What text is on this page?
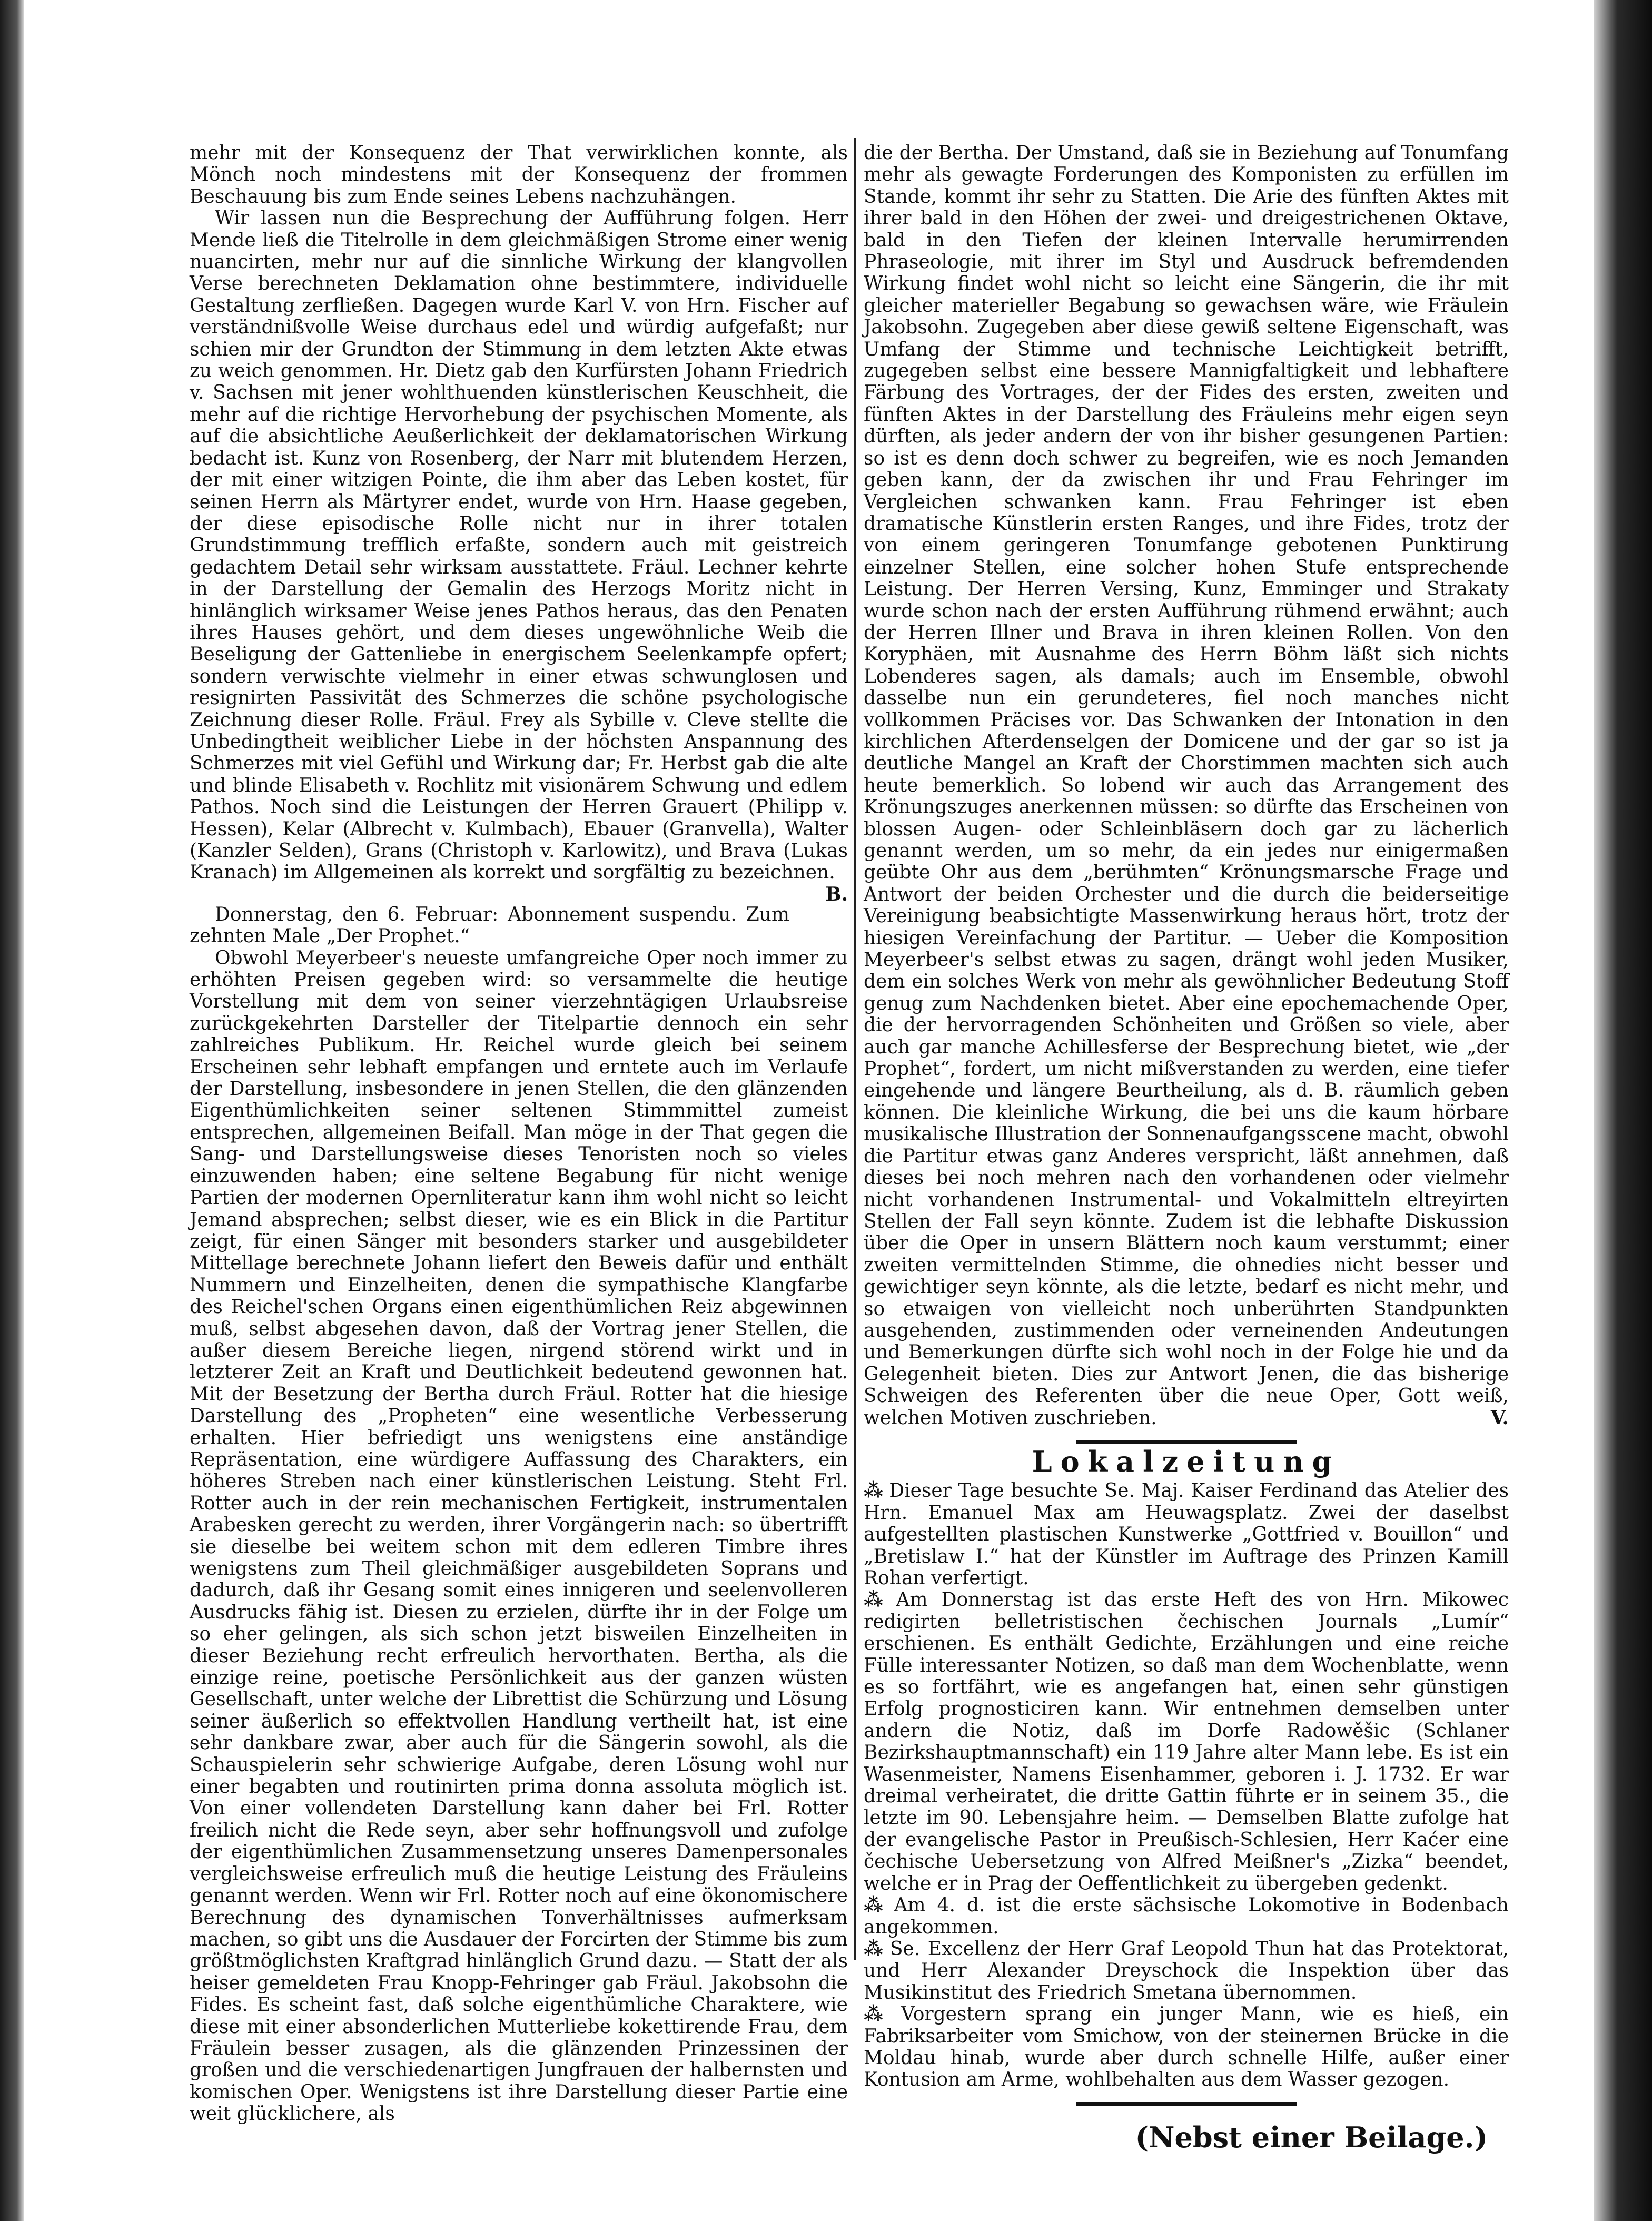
mehr mit der Konsequenz der That verwirklichen konnte, als Mönch noch mindestens mit der Konsequenz der frommen Beschauung bis zum Ende seines Lebens nachzuhängen.

Wir lassen nun die Besprechung der Aufführung folgen. Herr Mende ließ die Titelrolle in dem gleichmäßigen Strome einer wenig nuancirten, mehr nur auf die sinnliche Wirkung der klangvollen Verse berechneten Deklamation ohne bestimmtere, individuelle Gestaltung zerfließen. Dagegen wurde Karl V. von Hrn. Fischer auf verständnißvolle Weise durchaus edel und würdig aufgefaßt; nur schien mir der Grundton der Stimmung in dem letzten Akte etwas zu weich genommen. Hr. Dietz gab den Kurfürsten Johann Friedrich v. Sachsen mit jener wohlthuenden künstlerischen Keuschheit, die mehr auf die richtige Hervorhebung der psychischen Momente, als auf die absichtliche Aeußerlichkeit der deklamatorischen Wirkung bedacht ist. Kunz von Rosenberg, der Narr mit blutendem Herzen, der mit einer witzigen Pointe, die ihm aber das Leben kostet, für seinen Herrn als Märtyrer endet, wurde von Hrn. Haase gegeben, der diese episodische Rolle nicht nur in ihrer totalen Grundstimmung trefflich erfaßte, sondern auch mit geistreich gedachtem Detail sehr wirksam ausstattete. Fräul. Lechner kehrte in der Darstellung der Gemalin des Herzogs Moritz nicht in hinlänglich wirksamer Weise jenes Pathos heraus, das den Penaten ihres Hauses gehört, und dem dieses ungewöhnliche Weib die Beseligung der Gattenliebe in energischem Seelenkampfe opfert; sondern verwischte vielmehr in einer etwas schwunglosen und resignirten Passivität des Schmerzes die schöne psychologische Zeichnung dieser Rolle. Fräul. Frey als Sybille v. Cleve stellte die Unbedingtheit weiblicher Liebe in der höchsten Anspannung des Schmerzes mit viel Gefühl und Wirkung dar; Fr. Herbst gab die alte und blinde Elisabeth v. Rochlitz mit visionärem Schwung und edlem Pathos. Noch sind die Leistungen der Herren Grauert (Philipp v. Hessen), Kelar (Albrecht v. Kulmbach), Ebauer (Granvella), Walter (Kanzler Selden), Grans (Christoph v. Karlowitz), und Brava (Lukas Kranach) im Allgemeinen als korrekt und sorgfältig zu bezeichnen.
B.

Donnerstag, den 6. Februar: Abonnement suspendu. Zum zehnten Male „Der Prophet.“

Obwohl Meyerbeer's neueste umfangreiche Oper noch immer zu erhöhten Preisen gegeben wird: so versammelte die heutige Vorstellung mit dem von seiner vierzehntägigen Urlaubsreise zurückgekehrten Darsteller der Titelpartie dennoch ein sehr zahlreiches Publikum. Hr. Reichel wurde gleich bei seinem Erscheinen sehr lebhaft empfangen und erntete auch im Verlaufe der Darstellung, insbesondere in jenen Stellen, die den glänzenden Eigenthümlichkeiten seiner seltenen Stimmmittel zumeist entsprechen, allgemeinen Beifall. Man möge in der That gegen die Sang- und Darstellungsweise dieses Tenoristen noch so vieles einzuwenden haben; eine seltene Begabung für nicht wenige Partien der modernen Opernliteratur kann ihm wohl nicht so leicht Jemand absprechen; selbst dieser, wie es ein Blick in die Partitur zeigt, für einen Sänger mit besonders starker und ausgebildeter Mittellage berechnete Johann liefert den Beweis dafür und enthält Nummern und Einzelheiten, denen die sympathische Klangfarbe des Reichel'schen Organs einen eigenthümlichen Reiz abgewinnen muß, selbst abgesehen davon, daß der Vortrag jener Stellen, die außer diesem Bereiche liegen, nirgend störend wirkt und in letzterer Zeit an Kraft und Deutlichkeit bedeutend gewonnen hat. Mit der Besetzung der Bertha durch Fräul. Rotter hat die hiesige Darstellung des „Propheten“ eine wesentliche Verbesserung erhalten. Hier befriedigt uns wenigstens eine anständige Repräsentation, eine würdigere Auffassung des Charakters, ein höheres Streben nach einer künstlerischen Leistung. Steht Frl. Rotter auch in der rein mechanischen Fertigkeit, instrumentalen Arabesken gerecht zu werden, ihrer Vorgängerin nach: so übertrifft sie dieselbe bei weitem schon mit dem edleren Timbre ihres wenigstens zum Theil gleichmäßiger ausgebildeten Soprans und dadurch, daß ihr Gesang somit eines innigeren und seelenvolleren Ausdrucks fähig ist. Diesen zu erzielen, dürfte ihr in der Folge um so eher gelingen, als sich schon jetzt bisweilen Einzelheiten in dieser Beziehung recht erfreulich hervorthaten. Bertha, als die einzige reine, poetische Persönlichkeit aus der ganzen wüsten Gesellschaft, unter welche der Librettist die Schürzung und Lösung seiner äußerlich so effektvollen Handlung vertheilt hat, ist eine sehr dankbare zwar, aber auch für die Sängerin sowohl, als die Schauspielerin sehr schwierige Aufgabe, deren Lösung wohl nur einer begabten und routinirten prima donna assoluta möglich ist. Von einer vollendeten Darstellung kann daher bei Frl. Rotter freilich nicht die Rede seyn, aber sehr hoffnungsvoll und zufolge der eigenthümlichen Zusammensetzung unseres Damenpersonales vergleichsweise erfreulich muß die heutige Leistung des Fräuleins genannt werden. Wenn wir Frl. Rotter noch auf eine ökonomischere Berechnung des dynamischen Tonverhältnisses aufmerksam machen, so gibt uns die Ausdauer der Forcirten der Stimme bis zum größtmöglichsten Kraftgrad hinlänglich Grund dazu. — Statt der als heiser gemeldeten Frau Knopp-Fehringer gab Fräul. Jakobsohn die Fides. Es scheint fast, daß solche eigenthümliche Charaktere, wie diese mit einer absonderlichen Mutterliebe kokettirende Frau, dem Fräulein besser zusagen, als die glänzenden Prinzessinen der großen und die verschiedenartigen Jungfrauen der halbernsten und komischen Oper. Wenigstens ist ihre Darstellung dieser Partie eine weit glücklichere, als

die der Bertha. Der Umstand, daß sie in Beziehung auf Tonumfang mehr als gewagte Forderungen des Komponisten zu erfüllen im Stande, kommt ihr sehr zu Statten. Die Arie des fünften Aktes mit ihrer bald in den Höhen der zwei- und dreigestrichenen Oktave, bald in den Tiefen der kleinen Intervalle herumirrenden Phraseologie, mit ihrer im Styl und Ausdruck befremdenden Wirkung findet wohl nicht so leicht eine Sängerin, die ihr mit gleicher materieller Begabung so gewachsen wäre, wie Fräulein Jakobsohn. Zugegeben aber diese gewiß seltene Eigenschaft, was Umfang der Stimme und technische Leichtigkeit betrifft, zugegeben selbst eine bessere Mannigfaltigkeit und lebhaftere Färbung des Vortrages, der der Fides des ersten, zweiten und fünften Aktes in der Darstellung des Fräuleins mehr eigen seyn dürften, als jeder andern der von ihr bisher gesungenen Partien: so ist es denn doch schwer zu begreifen, wie es noch Jemanden geben kann, der da zwischen ihr und Frau Fehringer im Vergleichen schwanken kann. Frau Fehringer ist eben dramatische Künstlerin ersten Ranges, und ihre Fides, trotz der von einem geringeren Tonumfange gebotenen Punktirung einzelner Stellen, eine solcher hohen Stufe entsprechende Leistung. Der Herren Versing, Kunz, Emminger und Strakaty wurde schon nach der ersten Aufführung rühmend erwähnt; auch der Herren Illner und Brava in ihren kleinen Rollen. Von den Koryphäen, mit Ausnahme des Herrn Böhm läßt sich nichts Lobenderes sagen, als damals; auch im Ensemble, obwohl dasselbe nun ein gerundeteres, fiel noch manches nicht vollkommen Präcises vor. Das Schwanken der Intonation in den kirchlichen Afterdenselgen der Domicene und der gar so ist ja deutliche Mangel an Kraft der Chorstimmen machten sich auch heute bemerklich. So lobend wir auch das Arrangement des Krönungszuges anerkennen müssen: so dürfte das Erscheinen von blossen Augen- oder Schleinbläsern doch gar zu lächerlich genannt werden, um so mehr, da ein jedes nur einigermaßen geübte Ohr aus dem „berühmten“ Krönungsmarsche Frage und Antwort der beiden Orchester und die durch die beiderseitige Vereinigung beabsichtigte Massenwirkung heraus hört, trotz der hiesigen Vereinfachung der Partitur. — Ueber die Komposition Meyerbeer's selbst etwas zu sagen, drängt wohl jeden Musiker, dem ein solches Werk von mehr als gewöhnlicher Bedeutung Stoff genug zum Nachdenken bietet. Aber eine epochemachende Oper, die der hervorragenden Schönheiten und Größen so viele, aber auch gar manche Achillesferse der Besprechung bietet, wie „der Prophet“, fordert, um nicht mißverstanden zu werden, eine tiefer eingehende und längere Beurtheilung, als d. B. räumlich geben können. Die kleinliche Wirkung, die bei uns die kaum hörbare musikalische Illustration der Sonnenaufgangsscene macht, obwohl die Partitur etwas ganz Anderes verspricht, läßt annehmen, daß dieses bei noch mehren nach den vorhandenen oder vielmehr nicht vorhandenen Instrumental- und Vokalmitteln eltreyirten Stellen der Fall seyn könnte. Zudem ist die lebhafte Diskussion über die Oper in unsern Blättern noch kaum verstummt; einer zweiten vermittelnden Stimme, die ohnedies nicht besser und gewichtiger seyn könnte, als die letzte, bedarf es nicht mehr, und so etwaigen von vielleicht noch unberührten Standpunkten ausgehenden, zustimmenden oder verneinenden Andeutungen und Bemerkungen dürfte sich wohl noch in der Folge hie und da Gelegenheit bieten. Dies zur Antwort Jenen, die das bisherige Schweigen des Referenten über die neue Oper, Gott weiß, welchen Motiven zuschrieben.	V.

Lokalzeitung

⁂ Dieser Tage besuchte Se. Maj. Kaiser Ferdinand das Atelier des Hrn. Emanuel Max am Heuwagsplatz. Zwei der daselbst aufgestellten plastischen Kunstwerke „Gottfried v. Bouillon“ und „Bretislaw I.“ hat der Künstler im Auftrage des Prinzen Kamill Rohan verfertigt.

⁂ Am Donnerstag ist das erste Heft des von Hrn. Mikowec redigirten belletristischen čechischen Journals „Lumír“ erschienen. Es enthält Gedichte, Erzählungen und eine reiche Fülle interessanter Notizen, so daß man dem Wochenblatte, wenn es so fortfährt, wie es angefangen hat, einen sehr günstigen Erfolg prognosticiren kann. Wir entnehmen demselben unter andern die Notiz, daß im Dorfe Radowěšic (Schlaner Bezirkshauptmannschaft) ein 119 Jahre alter Mann lebe. Es ist ein Wasenmeister, Namens Eisenhammer, geboren i. J. 1732. Er war dreimal verheiratet, die dritte Gattin führte er in seinem 35., die letzte im 90. Lebensjahre heim. — Demselben Blatte zufolge hat der evangelische Pastor in Preußisch-Schlesien, Herr Kaćer eine čechische Uebersetzung von Alfred Meißner's „Zizka“ beendet, welche er in Prag der Oeffentlichkeit zu übergeben gedenkt.

⁂ Am 4. d. ist die erste sächsische Lokomotive in Bodenbach angekommen.

⁂ Se. Excellenz der Herr Graf Leopold Thun hat das Protektorat, und Herr Alexander Dreyschock die Inspektion über das Musikinstitut des Friedrich Smetana übernommen.

⁂ Vorgestern sprang ein junger Mann, wie es hieß, ein Fabriksarbeiter vom Smichow, von der steinernen Brücke in die Moldau hinab, wurde aber durch schnelle Hilfe, außer einer Kontusion am Arme, wohlbehalten aus dem Wasser gezogen.

(Nebst einer Beilage.)
